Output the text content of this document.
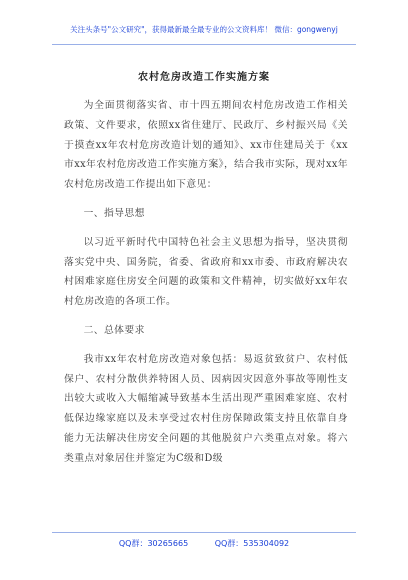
关注头条号"公文研究"，获得最新最全最专业的公文资料库！ 微信：gongwenyj
农村危房改造工作实施方案

为全面贯彻落实省、市十四五期间农村危房改造工作相关政策、文件要求，依照xx省住建厅、民政厅、乡村振兴局《关于摸查xx年农村危房改造计划的通知》、xx市住建局关于《xx市xx年农村危房改造工作实施方案》，结合我市实际，现对xx年农村危房改造工作提出如下意见：

一、指导思想

以习近平新时代中国特色社会主义思想为指导，坚决贯彻落实党中央、国务院，省委、省政府和xx市委、市政府解决农村困难家庭住房安全问题的政策和文件精神，切实做好xx年农村危房改造的各项工作。

二、总体要求

我市xx年农村危房改造对象包括：易返贫致贫户、农村低保户、农村分散供养特困人员、因病因灾因意外事故等刚性支出较大或收入大幅缩减导致基本生活出现严重困难家庭、农村低保边缘家庭以及未享受过农村住房保障政策支持且依靠自身能力无法解决住房安全问题的其他脱贫户六类重点对象。将六类重点对象居住并鉴定为C级和D级

QQ群：30265665	QQ群：535304092
